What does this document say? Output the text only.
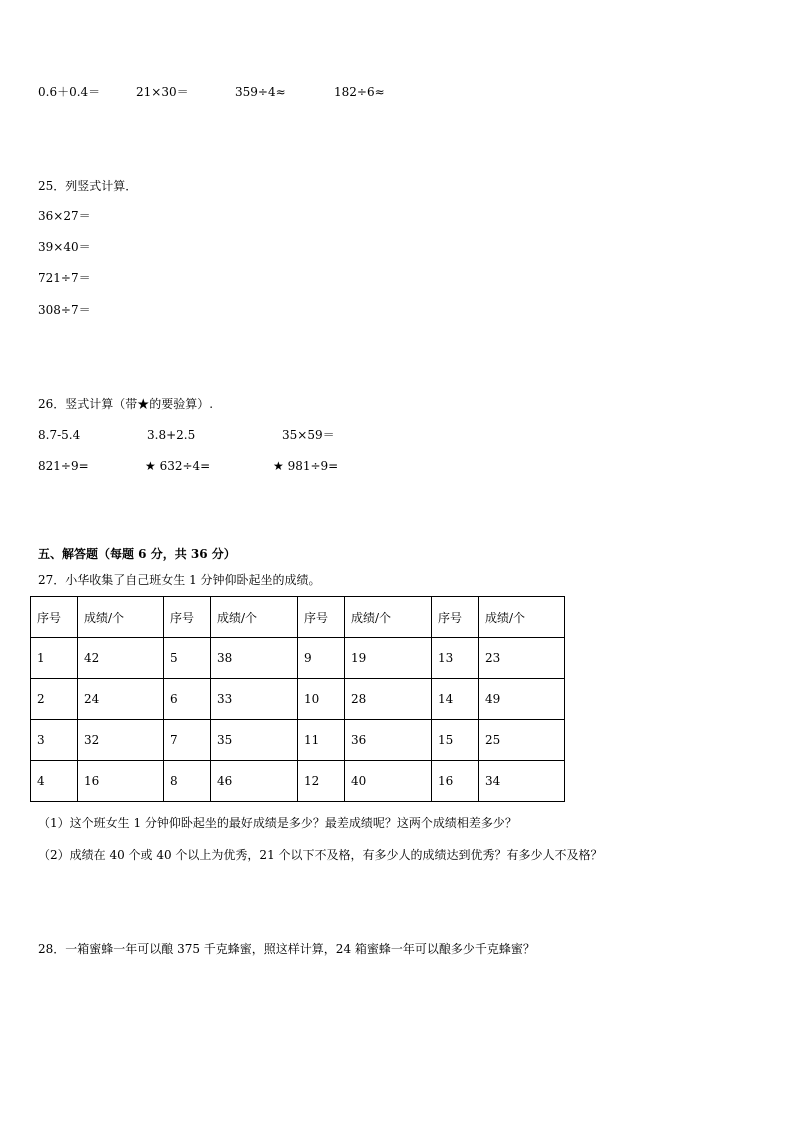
0.6＋0.4＝	21×30＝	359÷4≈	182÷6≈
25．列竖式计算．
36×27＝
39×40＝
721÷7＝
308÷7＝
26．竖式计算（带★的要验算）.
8.7-5.4	3.8+2.5	35×59＝
821÷9=	★ 632÷4=	★ 981÷9=
五、解答题（每题 6 分，共 36 分）
27．小华收集了自己班女生 1 分钟仰卧起坐的成绩。
序号	成绩/个	序号	成绩/个	序号	成绩/个	序号	成绩/个
1	42	5	38	9	19	13	23
2	24	6	33	10	28	14	49
3	32	7	35	11	36	15	25
4	16	8	46	12	40	16	34
（1）这个班女生 1 分钟仰卧起坐的最好成绩是多少？最差成绩呢？这两个成绩相差多少？
（2）成绩在 40 个或 40 个以上为优秀，21 个以下不及格，有多少人的成绩达到优秀？有多少人不及格？
28．一箱蜜蜂一年可以酿 375 千克蜂蜜，照这样计算，24 箱蜜蜂一年可以酿多少千克蜂蜜？
